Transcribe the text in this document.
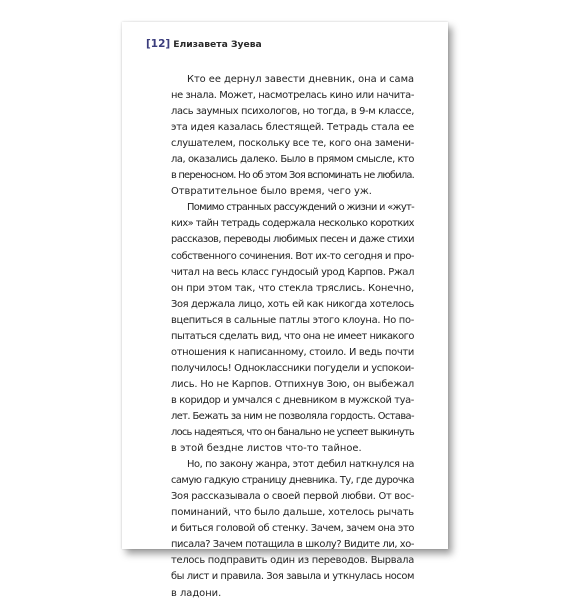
[12] Елизавета Зуева
Кто ее дернул завести дневник, она и сама
не знала. Может, насмотрелась кино или начита-
лась заумных психологов, но тогда, в 9-м классе,
эта идея казалась блестящей. Тетрадь стала ее
слушателем, поскольку все те, кого она замени-
ла, оказались далеко. Было в прямом смысле, кто
в переносном. Но об этом Зоя вспоминать не любила.
Отвратительное было время, чего уж.
Помимо странных рассуждений о жизни и «жут-
ких» тайн тетрадь содержала несколько коротких
рассказов, переводы любимых песен и даже стихи
собственного сочинения. Вот их-то сегодня и про-
читал на весь класс гундосый урод Карпов. Ржал
он при этом так, что стекла тряслись. Конечно,
Зоя держала лицо, хоть ей как никогда хотелось
вцепиться в сальные патлы этого клоуна. Но по-
пытаться сделать вид, что она не имеет никакого
отношения к написанному, стоило. И ведь почти
получилось! Одноклассники погудели и успокои-
лись. Но не Карпов. Отпихнув Зою, он выбежал
в коридор и умчался с дневником в мужской туа-
лет. Бежать за ним не позволяла гордость. Остава-
лось надеяться, что он банально не успеет выкинуть
в этой бездне листов что-то тайное.
Но, по закону жанра, этот дебил наткнулся на
самую гадкую страницу дневника. Ту, где дурочка
Зоя рассказывала о своей первой любви. От вос-
поминаний, что было дальше, хотелось рычать
и биться головой об стенку. Зачем, зачем она это
писала? Зачем потащила в школу? Видите ли, хо-
телось подправить один из переводов. Вырвала
бы лист и правила. Зоя завыла и уткнулась носом
в ладони.
